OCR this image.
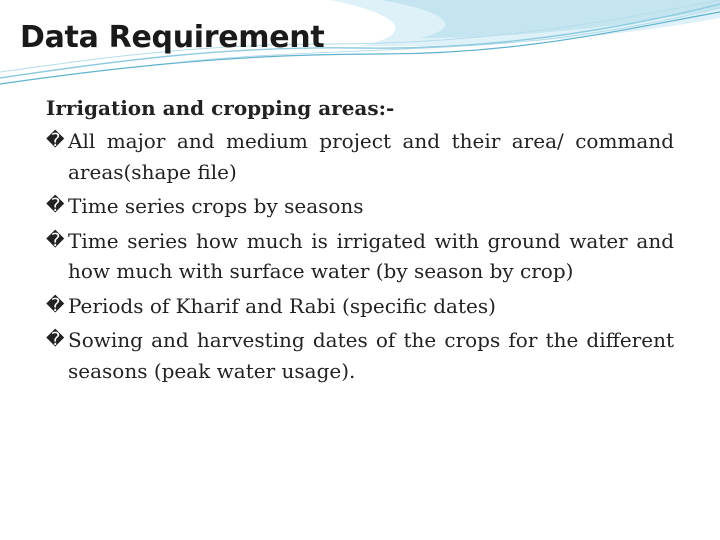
Data Requirement
Irrigation and cropping areas:-
� All major and medium project and their area/ command areas(shape file)
� Time series crops by seasons
� Time series how much is irrigated with ground water and how much with surface water (by season by crop)
� Periods of Kharif and Rabi (specific dates)
� Sowing and harvesting dates of the crops for the different seasons (peak water usage).
